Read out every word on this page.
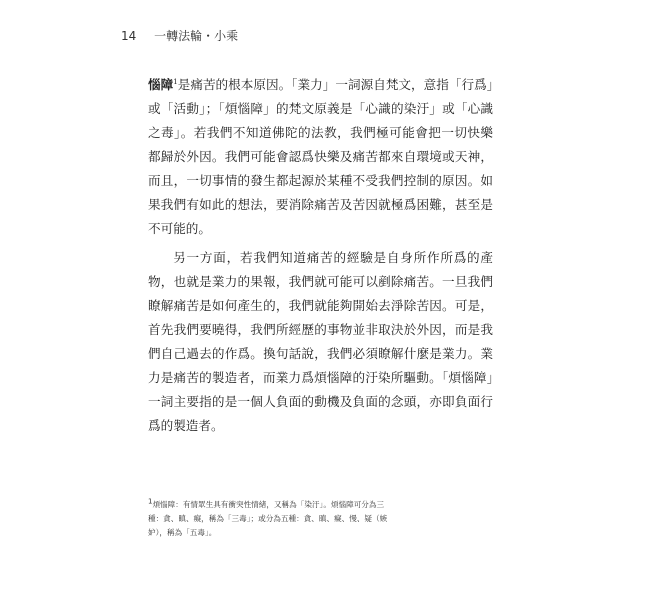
14 一轉法輪・小乘

惱障$^1$是痛苦的根本原因。「業力」一詞源自梵文，意指「行爲」或「活動」；「煩惱障」的梵文原義是「心識的染汙」或「心識之毒」。若我們不知道佛陀的法教，我們極可能會把一切快樂都歸於外因。我們可能會認爲快樂及痛苦都來自環境或天神，而且，一切事情的發生都起源於某種不受我們控制的原因。如果我們有如此的想法，要消除痛苦及苦因就極爲困難，甚至是不可能的。

另一方面，若我們知道痛苦的經驗是自身所作所爲的產物，也就是業力的果報，我們就可能可以剷除痛苦。一旦我們瞭解痛苦是如何產生的，我們就能夠開始去淨除苦因。可是，首先我們要曉得，我們所經歷的事物並非取決於外因，而是我們自己過去的作爲。換句話說，我們必須瞭解什麼是業力。業力是痛苦的製造者，而業力爲煩惱障的汙染所驅動。「煩惱障」一詞主要指的是一個人負面的動機及負面的念頭，亦即負面行爲的製造者。

$^1$煩惱障：有情眾生具有衝突性情緒，又稱為「染汙」。煩惱障可分為三種：貪、瞋、癡，稱為「三毒」；或分為五種：貪、瞋、癡、慢、疑（嫉妒），稱為「五毒」。
